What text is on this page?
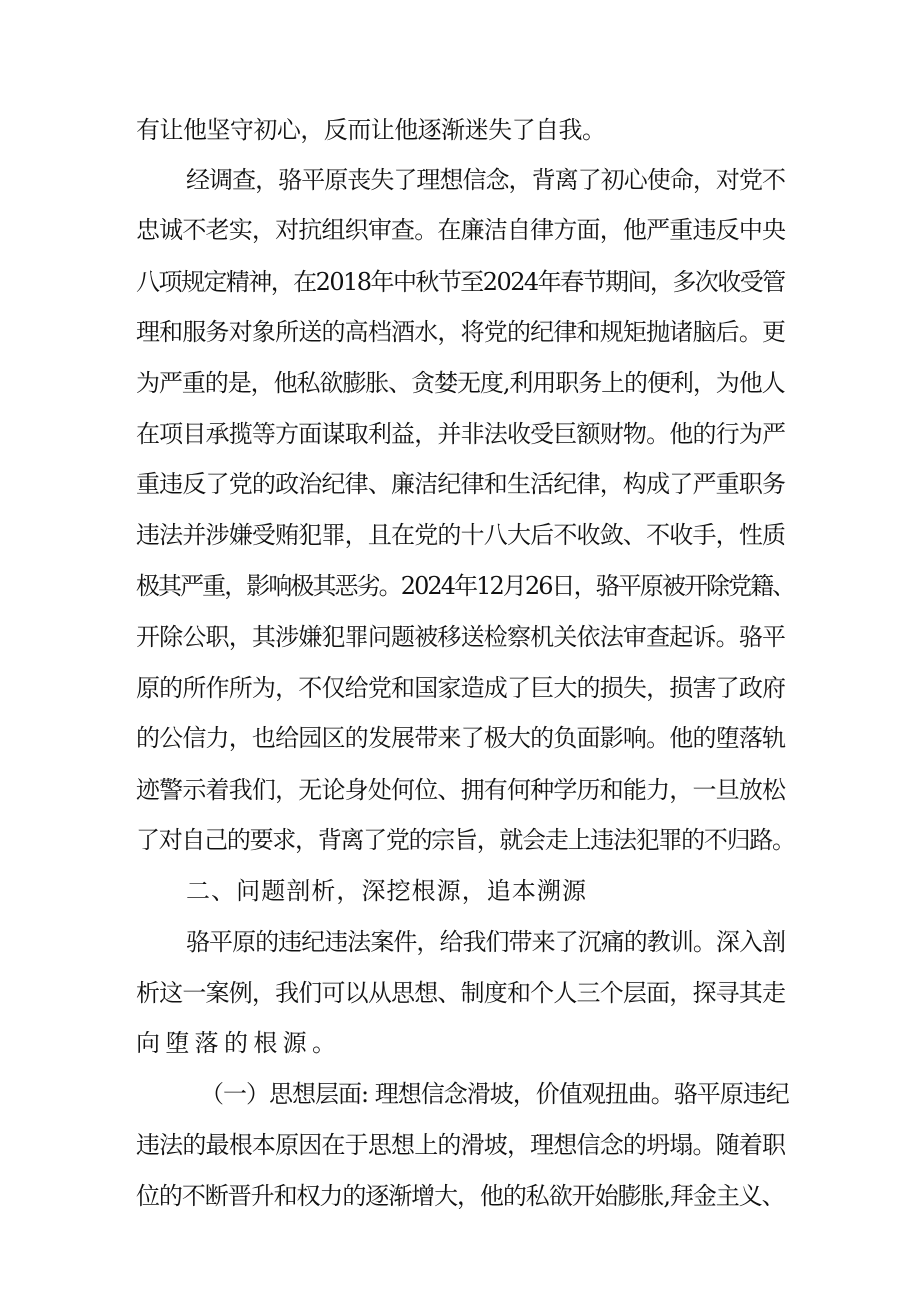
有让他坚守初心，反而让他逐渐迷失了自我。
经调查，骆平原丧失了理想信念，背离了初心使命，对党不
忠诚不老实，对抗组织审查。在廉洁自律方面，他严重违反中央
八项规定精神，在2018年中秋节至2024年春节期间，多次收受管
理和服务对象所送的高档酒水，将党的纪律和规矩抛诸脑后。更
为严重的是，他私欲膨胀、贪婪无度,利用职务上的便利，为他人
在项目承揽等方面谋取利益，并非法收受巨额财物。他的行为严
重违反了党的政治纪律、廉洁纪律和生活纪律，构成了严重职务
违法并涉嫌受贿犯罪，且在党的十八大后不收敛、不收手，性质
极其严重，影响极其恶劣。2024年12月26日，骆平原被开除党籍、
开除公职，其涉嫌犯罪问题被移送检察机关依法审查起诉。骆平
原的所作所为，不仅给党和国家造成了巨大的损失，损害了政府
的公信力，也给园区的发展带来了极大的负面影响。他的堕落轨
迹警示着我们，无论身处何位、拥有何种学历和能力，一旦放松
了对自己的要求，背离了党的宗旨，就会走上违法犯罪的不归路。
二、问题剖析，深挖根源，追本溯源
骆平原的违纪违法案件，给我们带来了沉痛的教训。深入剖
析这一案例，我们可以从思想、制度和个人三个层面，探寻其走
向堕落的根源。
（一）思想层面: 理想信念滑坡，价值观扭曲。骆平原违纪
违法的最根本原因在于思想上的滑坡，理想信念的坍塌。随着职
位的不断晋升和权力的逐渐增大，他的私欲开始膨胀,拜金主义、
